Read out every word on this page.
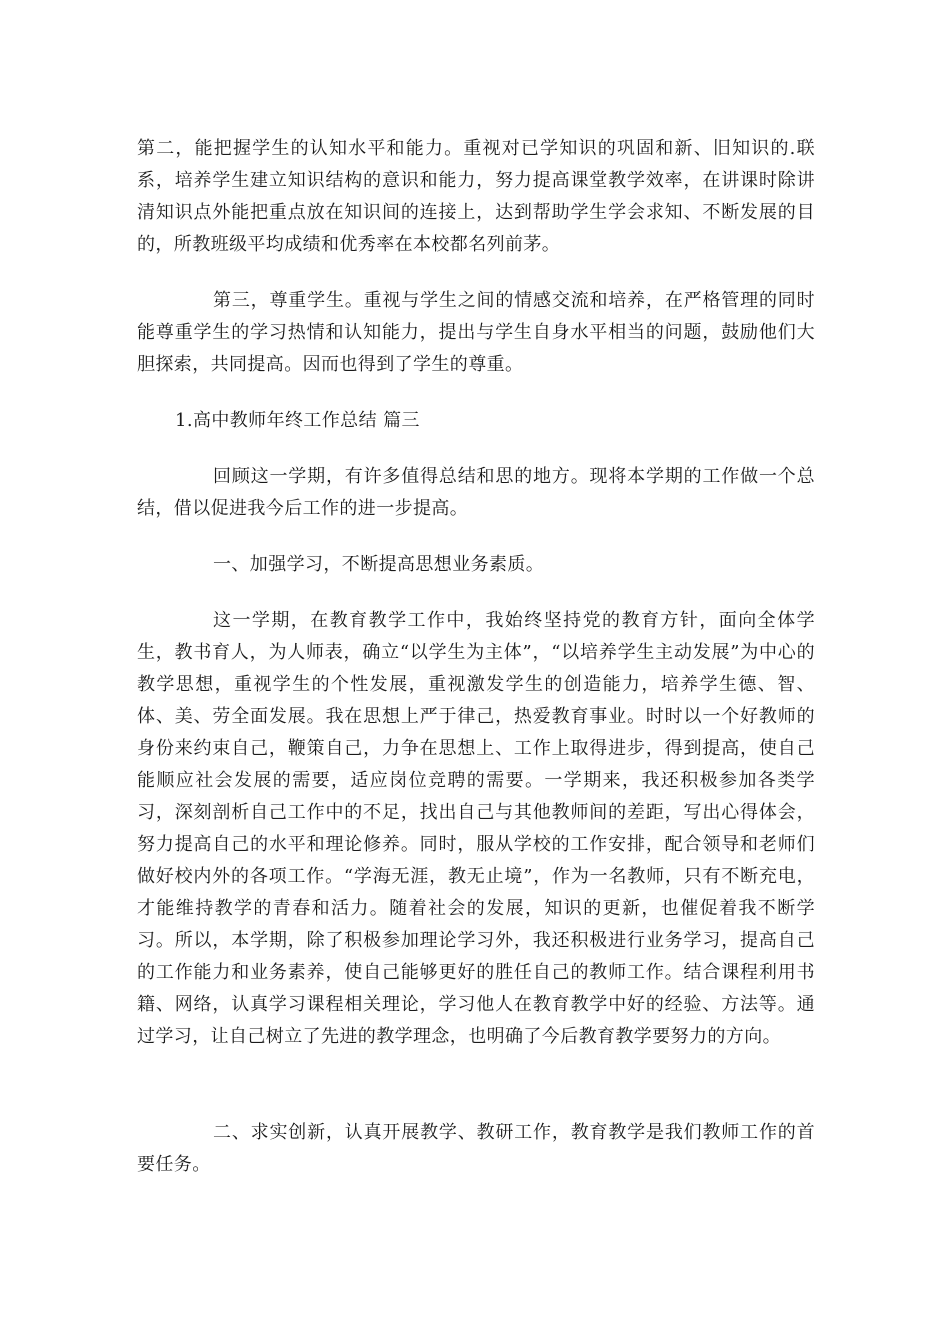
第二，能把握学生的认知水平和能力。重视对已学知识的巩固和新、旧知识的.联系，培养学生建立知识结构的意识和能力，努力提高课堂教学效率，在讲课时除讲清知识点外能把重点放在知识间的连接上，达到帮助学生学会求知、不断发展的目的，所教班级平均成绩和优秀率在本校都名列前茅。

第三，尊重学生。重视与学生之间的情感交流和培养，在严格管理的同时能尊重学生的学习热情和认知能力，提出与学生自身水平相当的问题，鼓励他们大胆探索，共同提高。因而也得到了学生的尊重。

1.高中教师年终工作总结 篇三

回顾这一学期，有许多值得总结和思的地方。现将本学期的工作做一个总结，借以促进我今后工作的进一步提高。

一、加强学习，不断提高思想业务素质。

这一学期，在教育教学工作中，我始终坚持党的教育方针，面向全体学生，教书育人，为人师表，确立“以学生为主体”，“以培养学生主动发展”为中心的教学思想，重视学生的个性发展，重视激发学生的创造能力，培养学生德、智、体、美、劳全面发展。我在思想上严于律己，热爱教育事业。时时以一个好教师的身份来约束自己，鞭策自己，力争在思想上、工作上取得进步，得到提高，使自己能顺应社会发展的需要，适应岗位竞聘的需要。一学期来，我还积极参加各类学习，深刻剖析自己工作中的不足，找出自己与其他教师间的差距，写出心得体会，努力提高自己的水平和理论修养。同时，服从学校的工作安排，配合领导和老师们做好校内外的各项工作。“学海无涯，教无止境”，作为一名教师，只有不断充电，才能维持教学的青春和活力。随着社会的发展，知识的更新，也催促着我不断学习。所以，本学期，除了积极参加理论学习外，我还积极进行业务学习，提高自己的工作能力和业务素养，使自己能够更好的胜任自己的教师工作。结合课程利用书籍、网络，认真学习课程相关理论，学习他人在教育教学中好的经验、方法等。通过学习，让自己树立了先进的教学理念，也明确了今后教育教学要努力的方向。

二、求实创新，认真开展教学、教研工作，教育教学是我们教师工作的首要任务。
